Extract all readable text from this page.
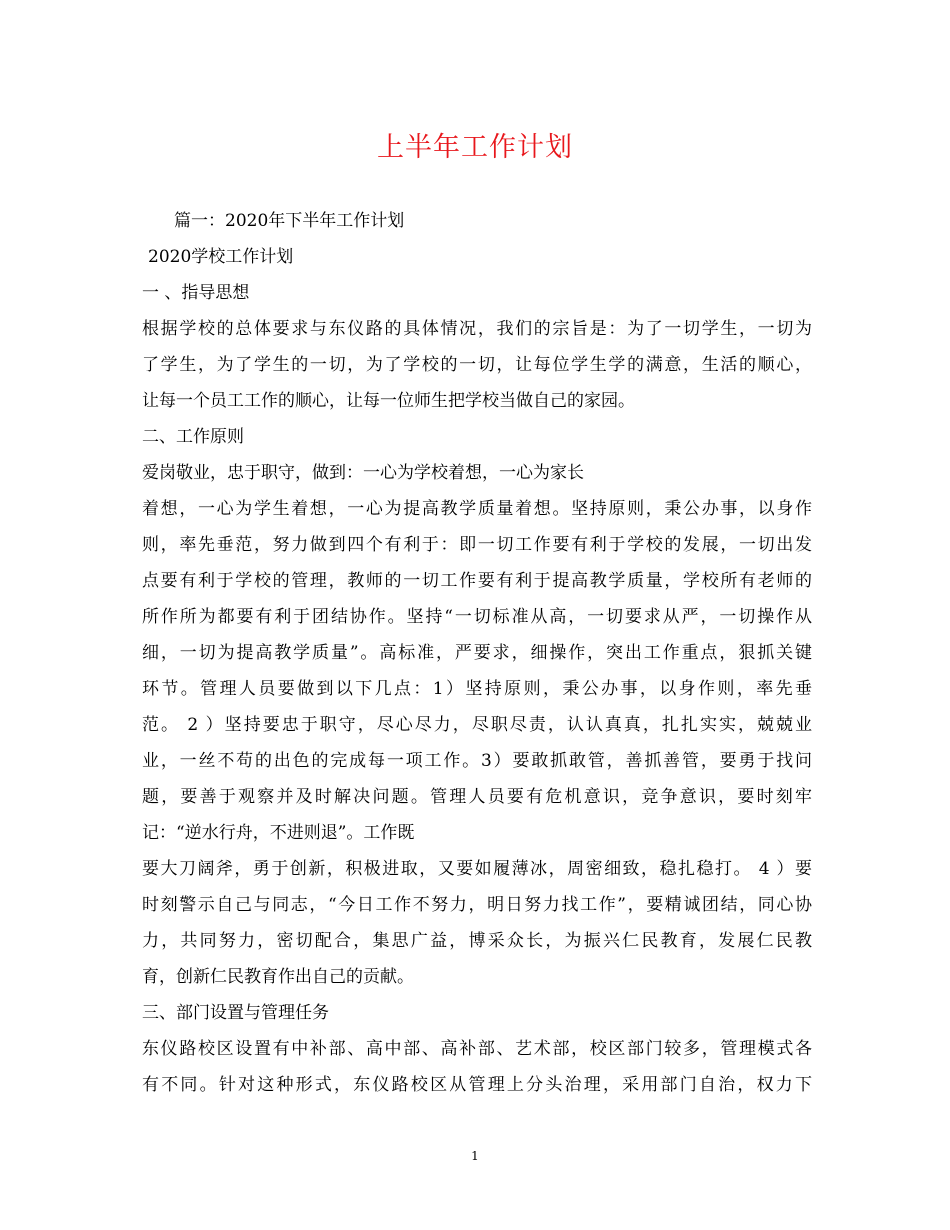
上半年工作计划
篇一：2020年下半年工作计划
2020学校工作计划
一 、指导思想
根据学校的总体要求与东仪路的具体情况，我们的宗旨是：为了一切学生，一切为
了学生，为了学生的一切，为了学校的一切，让每位学生学的满意，生活的顺心，
让每一个员工工作的顺心，让每一位师生把学校当做自己的家园。
二、工作原则
爱岗敬业，忠于职守，做到：一心为学校着想，一心为家长
着想，一心为学生着想，一心为提高教学质量着想。坚持原则，秉公办事，以身作
则，率先垂范，努力做到四个有利于：即一切工作要有利于学校的发展，一切出发
点要有利于学校的管理，教师的一切工作要有利于提高教学质量，学校所有老师的
所作所为都要有利于团结协作。坚持“一切标准从高，一切要求从严，一切操作从
细，一切为提高教学质量”。高标准，严要求，细操作，突出工作重点，狠抓关键
环节。管理人员要做到以下几点：1）坚持原则，秉公办事，以身作则，率先垂
范。 2 ）坚持要忠于职守，尽心尽力，尽职尽责，认认真真，扎扎实实，兢兢业
业，一丝不苟的出色的完成每一项工作。3）要敢抓敢管，善抓善管，要勇于找问
题，要善于观察并及时解决问题。管理人员要有危机意识，竞争意识，要时刻牢
记：“逆水行舟，不进则退”。工作既
要大刀阔斧，勇于创新，积极进取，又要如履薄冰，周密细致，稳扎稳打。 4 ）要
时刻警示自己与同志，“今日工作不努力，明日努力找工作”，要精诚团结，同心协
力，共同努力，密切配合，集思广益，博采众长，为振兴仁民教育，发展仁民教
育，创新仁民教育作出自己的贡献。
三、部门设置与管理任务
东仪路校区设置有中补部、高中部、高补部、艺术部，校区部门较多，管理模式各
有不同。针对这种形式，东仪路校区从管理上分头治理，采用部门自治，权力下
1
